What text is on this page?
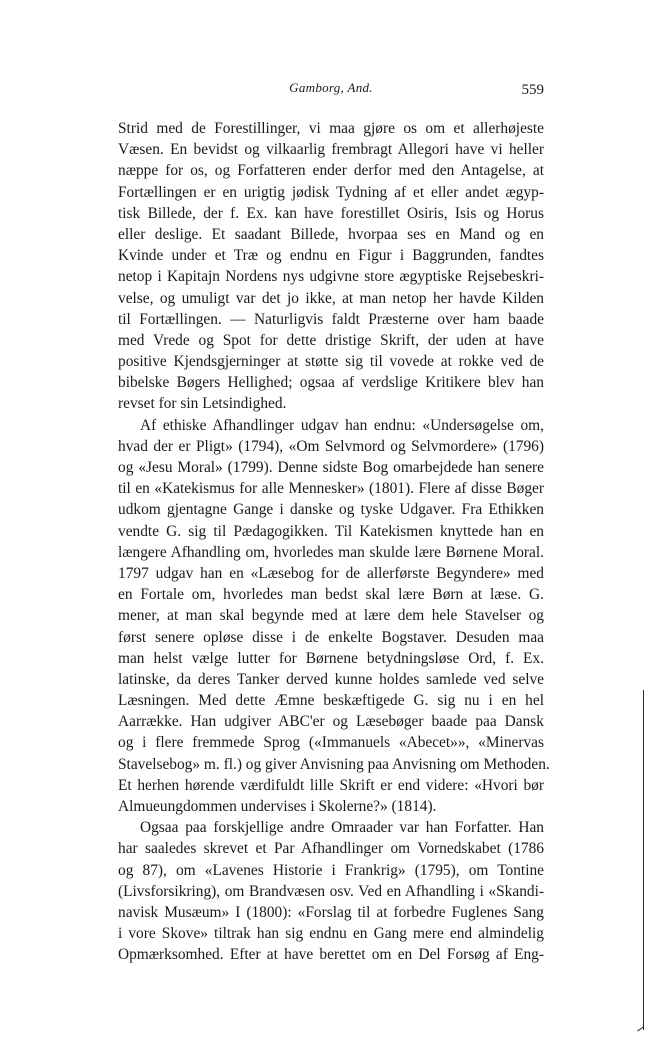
Gamborg, And.	559
Strid med de Forestillinger, vi maa gjøre os om et allerhøjeste
Væsen. En bevidst og vilkaarlig frembragt Allegori have vi heller
næppe for os, og Forfatteren ender derfor med den Antagelse, at
Fortællingen er en urigtig jødisk Tydning af et eller andet ægyp-
tisk Billede, der f. Ex. kan have forestillet Osiris, Isis og Horus
eller deslige. Et saadant Billede, hvorpaa ses en Mand og en
Kvinde under et Træ og endnu en Figur i Baggrunden, fandtes
netop i Kapitajn Nordens nys udgivne store ægyptiske Rejsebeskri-
velse, og umuligt var det jo ikke, at man netop her havde Kilden
til Fortællingen. — Naturligvis faldt Præsterne over ham baade
med Vrede og Spot for dette dristige Skrift, der uden at have
positive Kjendsgjerninger at støtte sig til vovede at rokke ved de
bibelske Bøgers Hellighed; ogsaa af verdslige Kritikere blev han
revset for sin Letsindighed.
Af ethiske Afhandlinger udgav han endnu: «Undersøgelse om,
hvad der er Pligt» (1794), «Om Selvmord og Selvmordere» (1796)
og «Jesu Moral» (1799). Denne sidste Bog omarbejdede han senere
til en «Katekismus for alle Mennesker» (1801). Flere af disse Bøger
udkom gjentagne Gange i danske og tyske Udgaver. Fra Ethikken
vendte G. sig til Pædagogikken. Til Katekismen knyttede han en
længere Afhandling om, hvorledes man skulde lære Børnene Moral.
1797 udgav han en «Læsebog for de allerførste Begyndere» med
en Fortale om, hvorledes man bedst skal lære Børn at læse. G.
mener, at man skal begynde med at lære dem hele Stavelser og
først senere opløse disse i de enkelte Bogstaver. Desuden maa
man helst vælge lutter for Børnene betydningsløse Ord, f. Ex.
latinske, da deres Tanker derved kunne holdes samlede ved selve
Læsningen. Med dette Æmne beskæftigede G. sig nu i en hel
Aarrække. Han udgiver ABC'er og Læsebøger baade paa Dansk
og i flere fremmede Sprog («Immanuels «Abecet»», «Minervas
Stavelsebog» m. fl.) og giver Anvisning paa Anvisning om Methoden.
Et herhen hørende værdifuldt lille Skrift er end videre: «Hvori bør
Almueungdommen undervises i Skolerne?» (1814).
Ogsaa paa forskjellige andre Omraader var han Forfatter. Han
har saaledes skrevet et Par Afhandlinger om Vornedskabet (1786
og 87), om «Lavenes Historie i Frankrig» (1795), om Tontine
(Livsforsikring), om Brandvæsen osv. Ved en Afhandling i «Skandi-
navisk Musæum» I (1800): «Forslag til at forbedre Fuglenes Sang
i vore Skove» tiltrak han sig endnu en Gang mere end almindelig
Opmærksomhed. Efter at have berettet om en Del Forsøg af Eng-
